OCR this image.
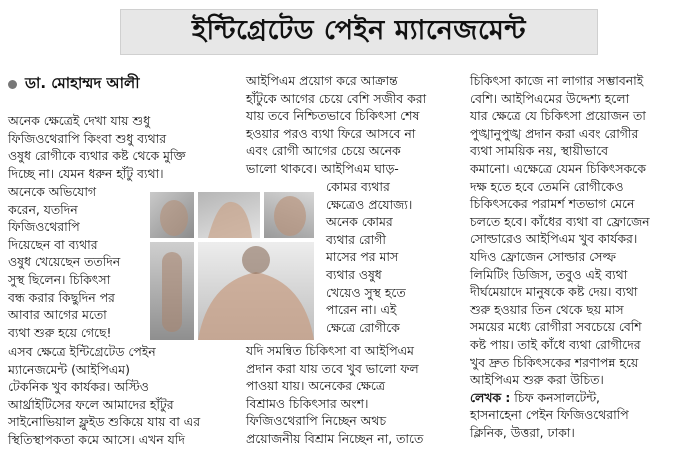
ইন্টিগ্রেটেড পেইন ম্যানেজমেন্ট
ডা. মোহাম্মদ আলী

অনেক ক্ষেত্রেই দেখা যায় শুধু

ফিজিওথেরাপি কিংবা শুধু ব্যথার

ওষুধ রোগীকে ব্যথার কষ্ট থেকে মুক্তি

দিচ্ছে না। যেমন ধরুন হাঁটু ব্যথা।

অনেকে অভিযোগ

করেন, যতদিন

ফিজিওথেরাপি

দিয়েছেন বা ব্যথার

ওষুধ খেয়েছেন ততদিন

সুস্থ ছিলেন। চিকিৎসা

বন্ধ করার কিছুদিন পর

আবার আগের মতো

ব্যথা শুরু হয়ে গেছে!

এসব ক্ষেত্রে ইন্টিগ্রেটেড পেইন

ম্যানেজমেন্ট (আইপিএম)

টেকনিক খুব কার্যকর। অস্টিও

আর্থ্রাইটিসের ফলে আমাদের হাঁটুর

সাইনোভিয়াল ফ্লুইড শুকিয়ে যায় বা এর

স্থিতিস্থাপকতা কমে আসে। এখন যদি

আইপিএম প্রয়োগ করে আক্রান্ত

হাঁটুকে আগের চেয়ে বেশি সজীব করা

যায় তবে নিশ্চিতভাবে চিকিৎসা শেষ

হওয়ার পরও ব্যথা ফিরে আসবে না

এবং রোগী আগের চেয়ে অনেক

ভালো থাকবে। আইপিএম ঘাড়-

কোমর ব্যথার

ক্ষেত্রেও প্রযোজ্য।

অনেক কোমর

ব্যথার রোগী

মাসের পর মাস

ব্যথার ওষুধ

খেয়েও সুস্থ হতে

পারেন না। এই

ক্ষেত্রে রোগীকে

যদি সমন্বিত চিকিৎসা বা আইপিএম

প্রদান করা যায় তবে খুব ভালো ফল

পাওয়া যায়। অনেকের ক্ষেত্রে

বিশ্রামও চিকিৎসার অংশ।

ফিজিওথেরাপি নিচ্ছেন অথচ

প্রয়োজনীয় বিশ্রাম নিচ্ছেন না, তাতে

চিকিৎসা কাজে না লাগার সম্ভাবনাই

বেশি। আইপিএমের উদ্দেশ্য হলো

যার ক্ষেত্রে যে চিকিৎসা প্রয়োজন তা

পুঙ্খানুপুঙ্খ প্রদান করা এবং রোগীর

ব্যথা সাময়িক নয়, স্থায়ীভাবে

কমানো। এক্ষেত্রে যেমন চিকিৎসককে

দক্ষ হতে হবে তেমনি রোগীকেও

চিকিৎসকের পরামর্শ শতভাগ মেনে

চলতে হবে। কাঁধের ব্যথা বা ফ্রোজেন

সোল্ডারেও আইপিএম খুব কার্যকর।

যদিও ফ্রোজেন সোল্ডার সেল্ফ

লিমিটিং ডিজিস, তবুও এই ব্যথা

দীর্ঘমেয়াদে মানুষকে কষ্ট দেয়। ব্যথা

শুরু হওয়ার তিন থেকে ছয় মাস

সময়ের মধ্যে রোগীরা সবচেয়ে বেশি

কষ্ট পায়। তাই কাঁধে ব্যথা রোগীদের

খুব দ্রুত চিকিৎসকের শরণাপন্ন হয়ে

আইপিএম শুরু করা উচিত।

লেখক : চিফ কনসালটেন্ট,

হাসনাহেনা পেইন ফিজিওথেরাপি

ক্লিনিক, উত্তরা, ঢাকা।
